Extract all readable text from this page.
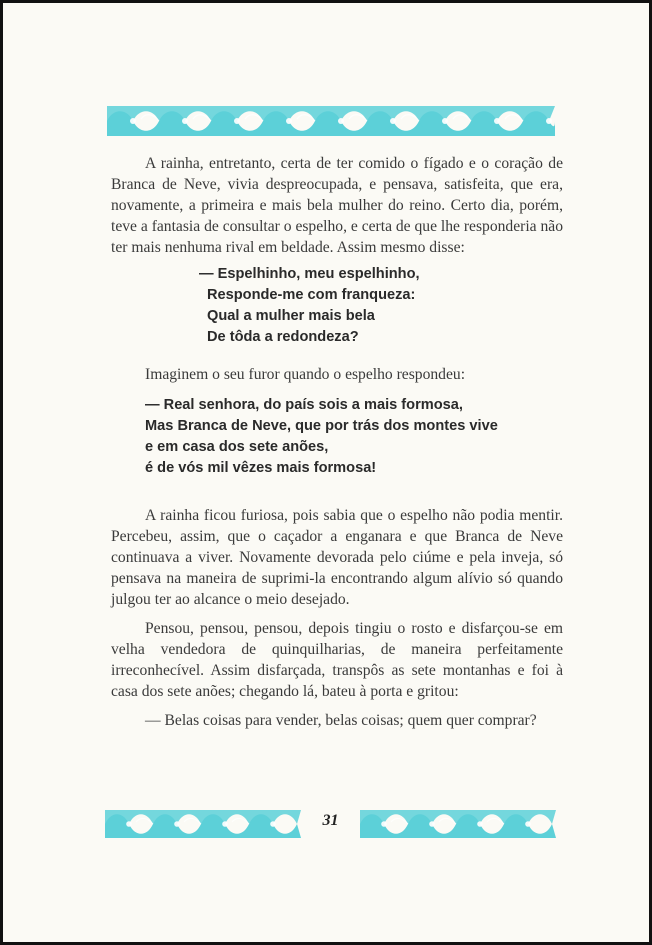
A rainha, entretanto, certa de ter comido o fígado e o coração de Branca de Neve, vivia despreocupada, e pensava, satisfeita, que era, novamente, a primeira e mais bela mulher do reino. Certo dia, porém, teve a fantasia de consultar o espelho, e certa de que lhe responderia não ter mais nenhuma rival em beldade. Assim mesmo disse:

— Espelhinho, meu espelhinho,
Responde-me com franqueza:
Qual a mulher mais bela
De tôda a redondeza?

Imaginem o seu furor quando o espelho respondeu:

— Real senhora, do país sois a mais formosa,
Mas Branca de Neve, que por trás dos montes vive
e em casa dos sete anões,
é de vós mil vêzes mais formosa!

A rainha ficou furiosa, pois sabia que o espelho não podia mentir. Percebeu, assim, que o caçador a enganara e que Branca de Neve continuava a viver. Novamente devorada pelo ciúme e pela inveja, só pensava na maneira de suprimi-la encontrando algum alívio só quando julgou ter ao alcance o meio desejado.

Pensou, pensou, pensou, depois tingiu o rosto e disfarçou-se em velha vendedora de quinquilharias, de maneira perfeitamente irreconhecível. Assim disfarçada, transpôs as sete montanhas e foi à casa dos sete anões; chegando lá, bateu à porta e gritou:

— Belas coisas para vender, belas coisas; quem quer comprar?

31
